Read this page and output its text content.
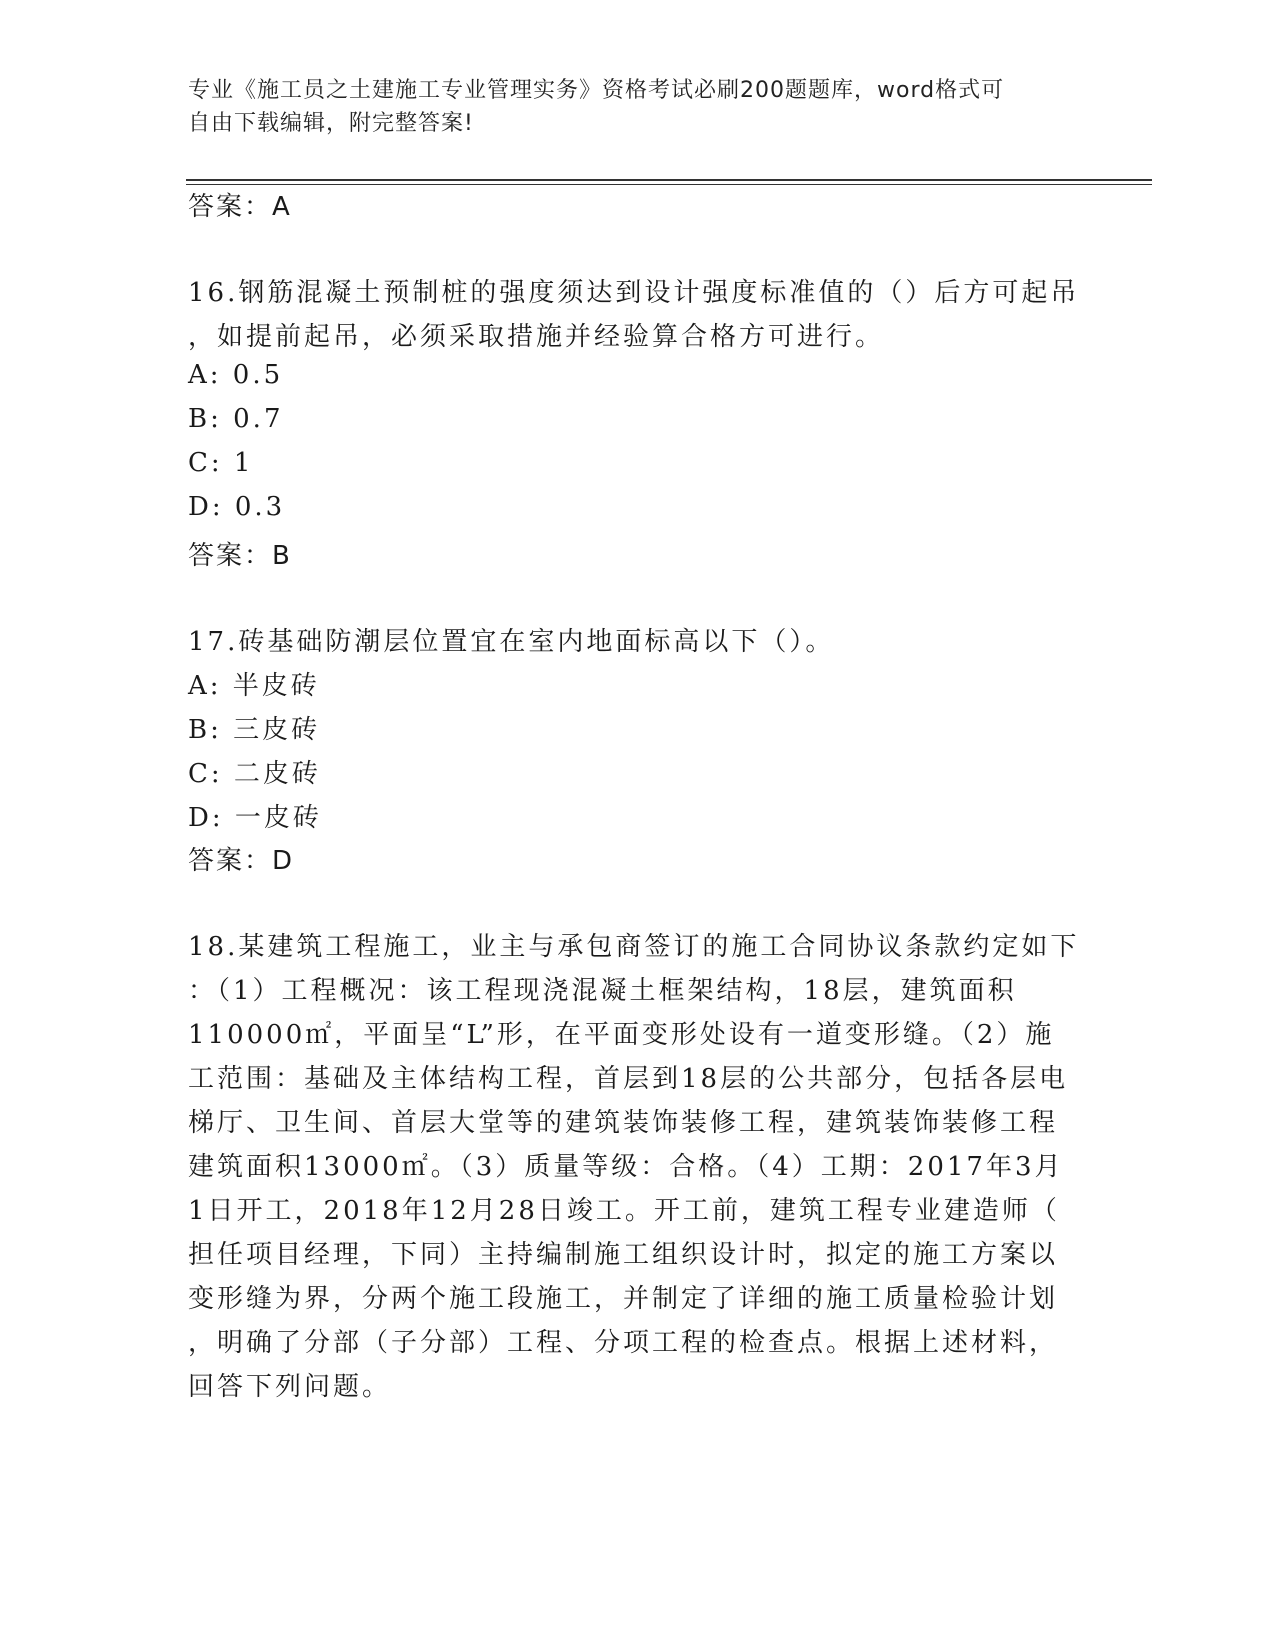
专业《施工员之土建施工专业管理实务》资格考试必刷200题题库，word格式可
自由下载编辑，附完整答案!
答案：A
16.钢筋混凝土预制桩的强度须达到设计强度标准值的（）后方可起吊
，如提前起吊，必须采取措施并经验算合格方可进行。
A: 0.5
B: 0.7
C: 1
D: 0.3
答案：B
17.砖基础防潮层位置宜在室内地面标高以下（）。
A: 半皮砖
B: 三皮砖
C: 二皮砖
D: 一皮砖
答案：D
18.某建筑工程施工，业主与承包商签订的施工合同协议条款约定如下
：（1）工程概况：该工程现浇混凝土框架结构，18层，建筑面积
110000㎡，平面呈“L”形，在平面变形处设有一道变形缝。（2）施
工范围：基础及主体结构工程，首层到18层的公共部分，包括各层电
梯厅、卫生间、首层大堂等的建筑装饰装修工程，建筑装饰装修工程
建筑面积13000㎡。（3）质量等级：合格。（4）工期：2017年3月
1日开工，2018年12月28日竣工。开工前，建筑工程专业建造师（
担任项目经理，下同）主持编制施工组织设计时，拟定的施工方案以
变形缝为界，分两个施工段施工，并制定了详细的施工质量检验计划
，明确了分部（子分部）工程、分项工程的检查点。根据上述材料，
回答下列问题。
